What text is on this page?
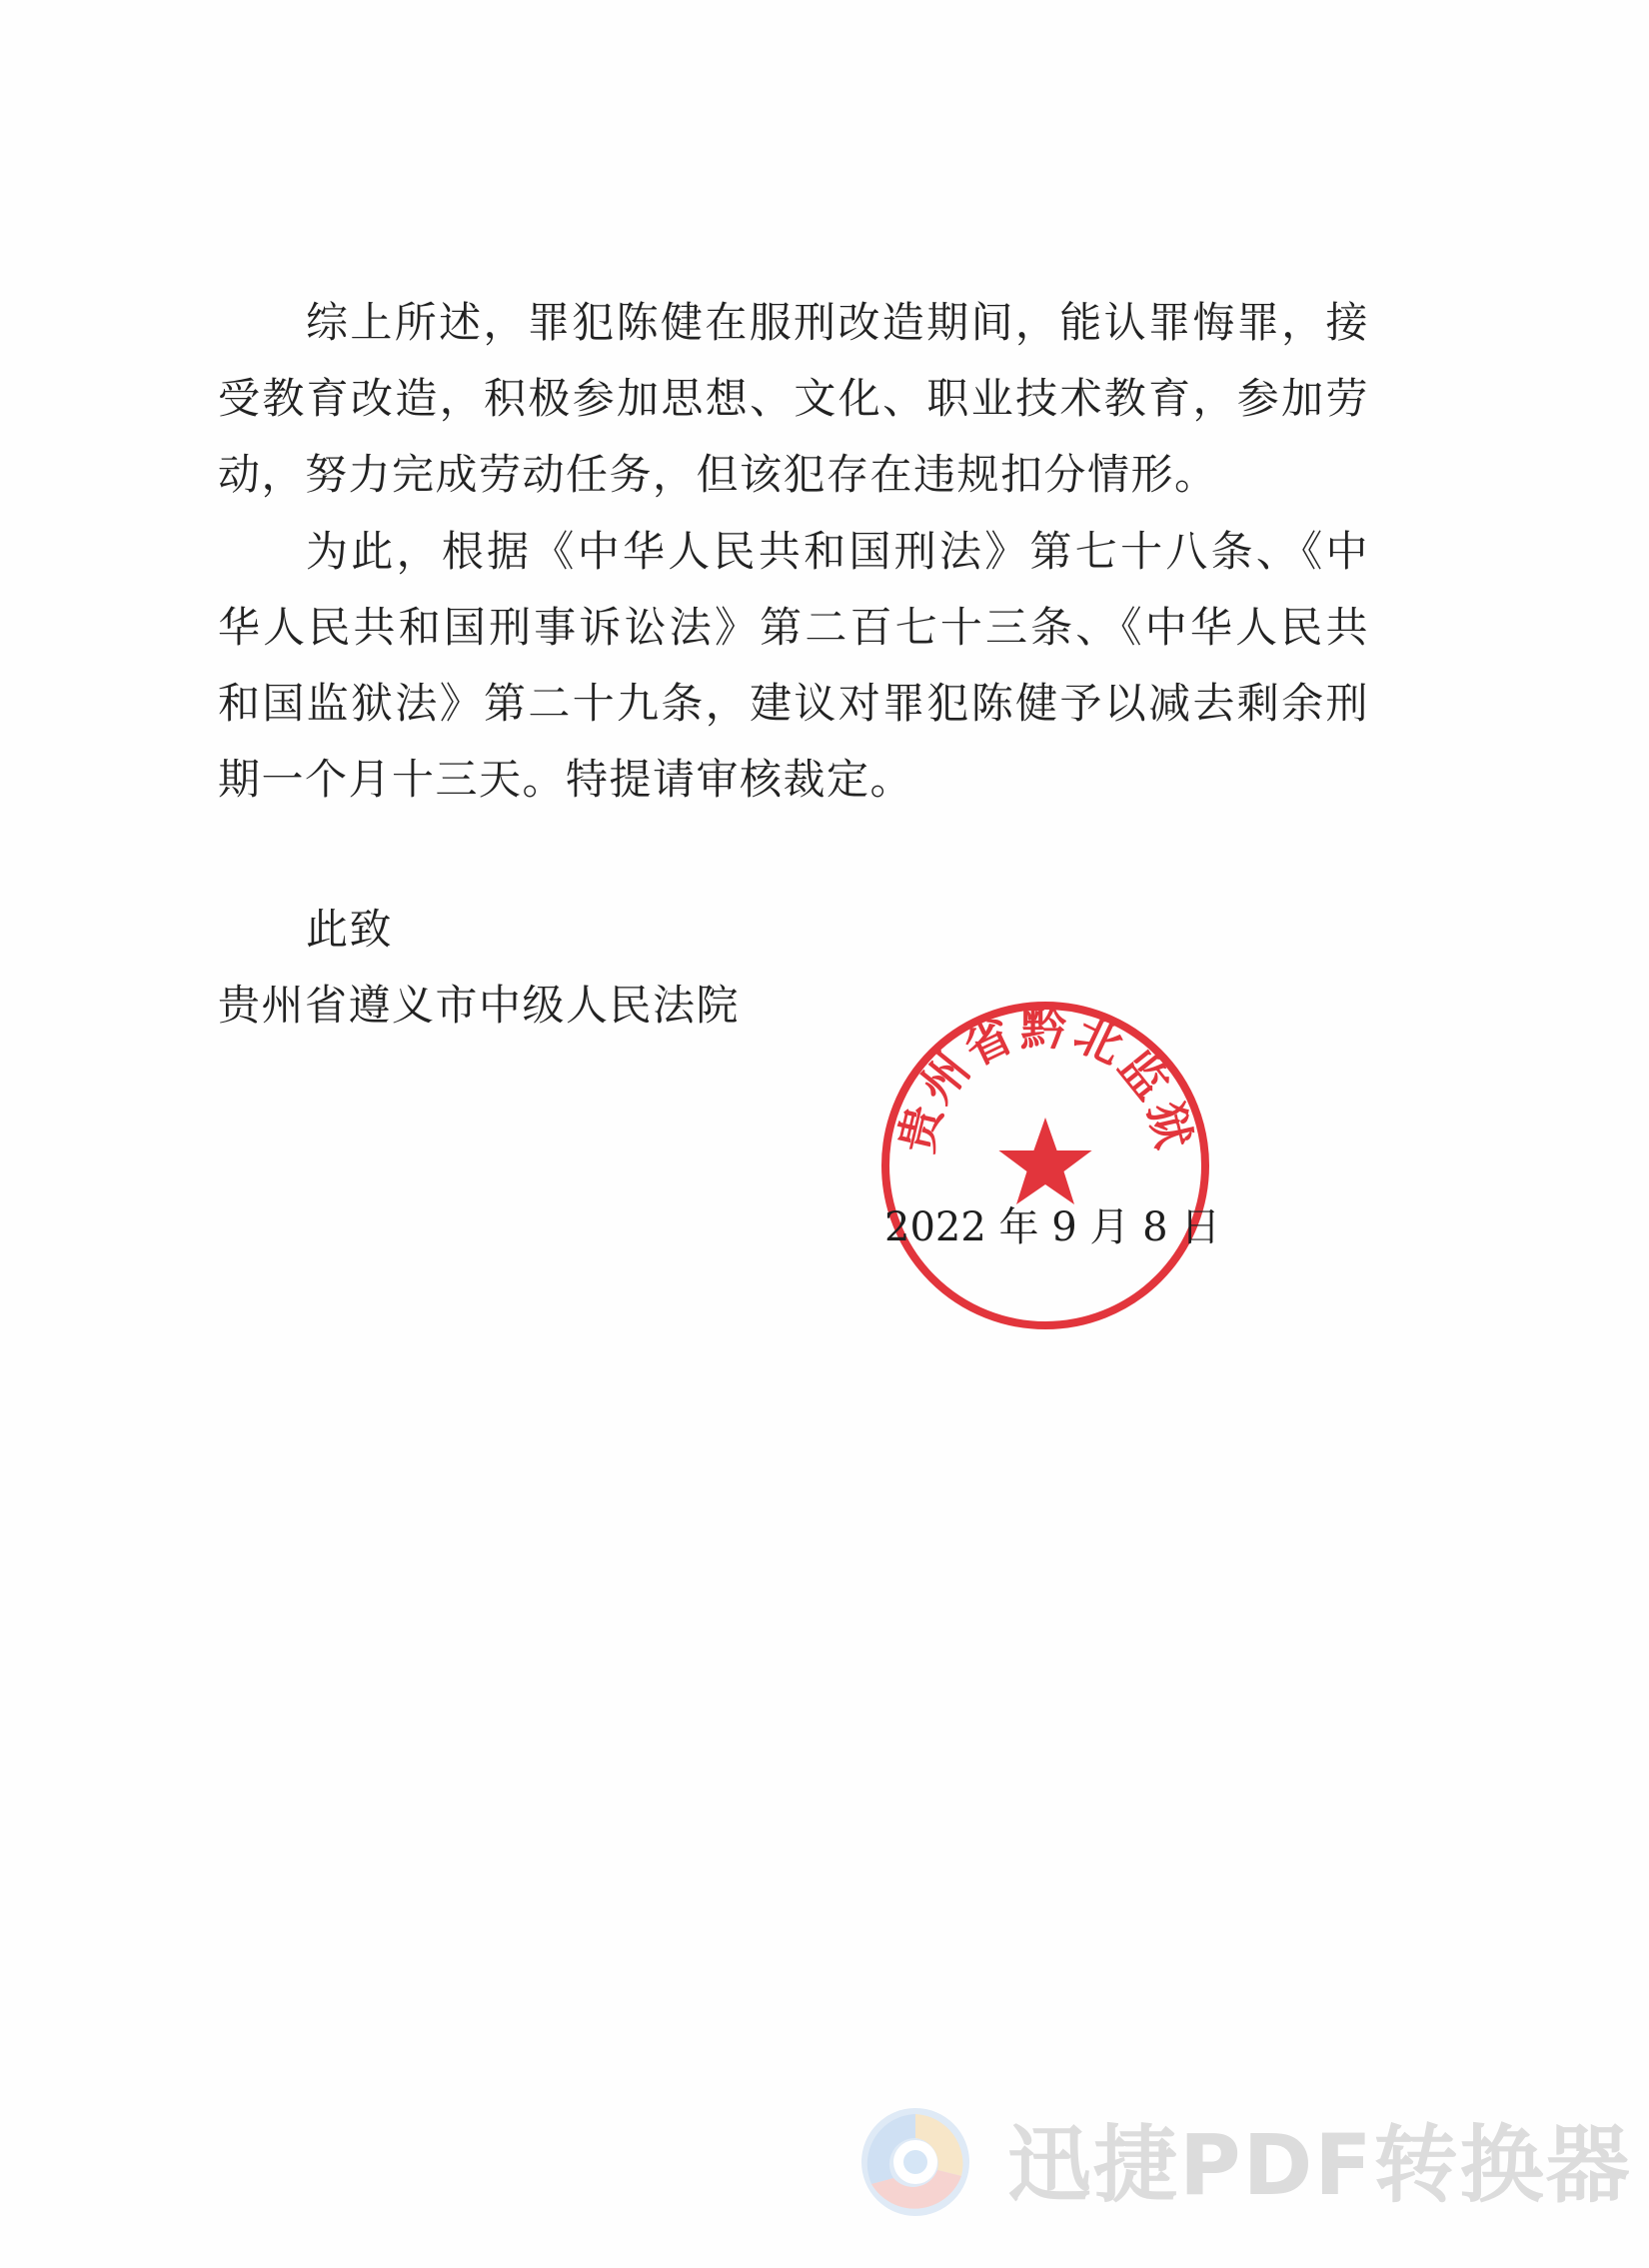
综上所述，罪犯陈健在服刑改造期间，能认罪悔罪，接
受教育改造，积极参加思想、文化、职业技术教育，参加劳
动，努力完成劳动任务，但该犯存在违规扣分情形。
为此，根据《中华人民共和国刑法》第七十八条、《中
华人民共和国刑事诉讼法》第二百七十三条、《中华人民共
和国监狱法》第二十九条，建议对罪犯陈健予以减去剩余刑
期一个月十三天。特提请审核裁定。
此致
贵州省遵义市中级人民法院
贵州省黔北监狱
2022 年 9 月 8 日
迅捷PDF转换器
